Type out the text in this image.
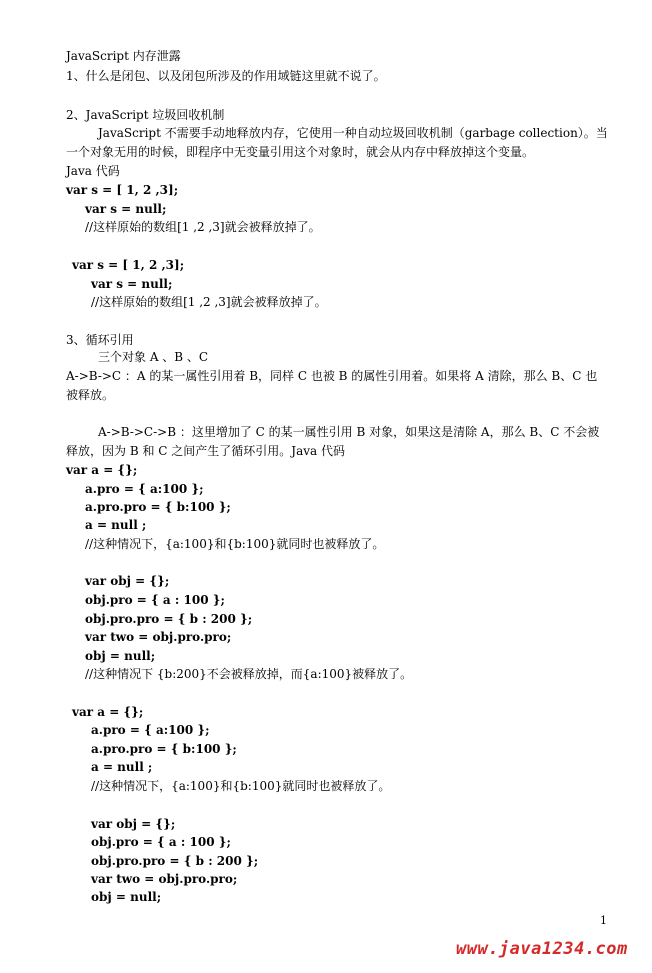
JavaScript 内存泄露
1、什么是闭包、以及闭包所涉及的作用域链这里就不说了。
2、JavaScript 垃圾回收机制
JavaScript 不需要手动地释放内存，它使用一种自动垃圾回收机制（garbage collection）。当
一个对象无用的时候，即程序中无变量引用这个对象时，就会从内存中释放掉这个变量。
Java 代码
var s = [ 1, 2 ,3];
var s = null;
//这样原始的数组[1 ,2 ,3]就会被释放掉了。
var s = [ 1, 2 ,3];
var s = null;
//这样原始的数组[1 ,2 ,3]就会被释放掉了。
3、循环引用
三个对象 A 、B 、C
A->B->C ：A 的某一属性引用着 B，同样 C 也被 B 的属性引用着。如果将 A 清除，那么 B、C 也
被释放。
A->B->C->B ：这里增加了 C 的某一属性引用 B 对象，如果这是清除 A，那么 B、C 不会被
释放，因为 B 和 C 之间产生了循环引用。Java 代码
var a = {};
a.pro = { a:100 };
a.pro.pro = { b:100 };
a = null ;
//这种情况下，{a:100}和{b:100}就同时也被释放了。
var obj = {};
obj.pro = { a : 100 };
obj.pro.pro = { b : 200 };
var two = obj.pro.pro;
obj = null;
//这种情况下 {b:200}不会被释放掉，而{a:100}被释放了。
var a = {};
a.pro = { a:100 };
a.pro.pro = { b:100 };
a = null ;
//这种情况下，{a:100}和{b:100}就同时也被释放了。
var obj = {};
obj.pro = { a : 100 };
obj.pro.pro = { b : 200 };
var two = obj.pro.pro;
obj = null;
1
www.java1234.com
